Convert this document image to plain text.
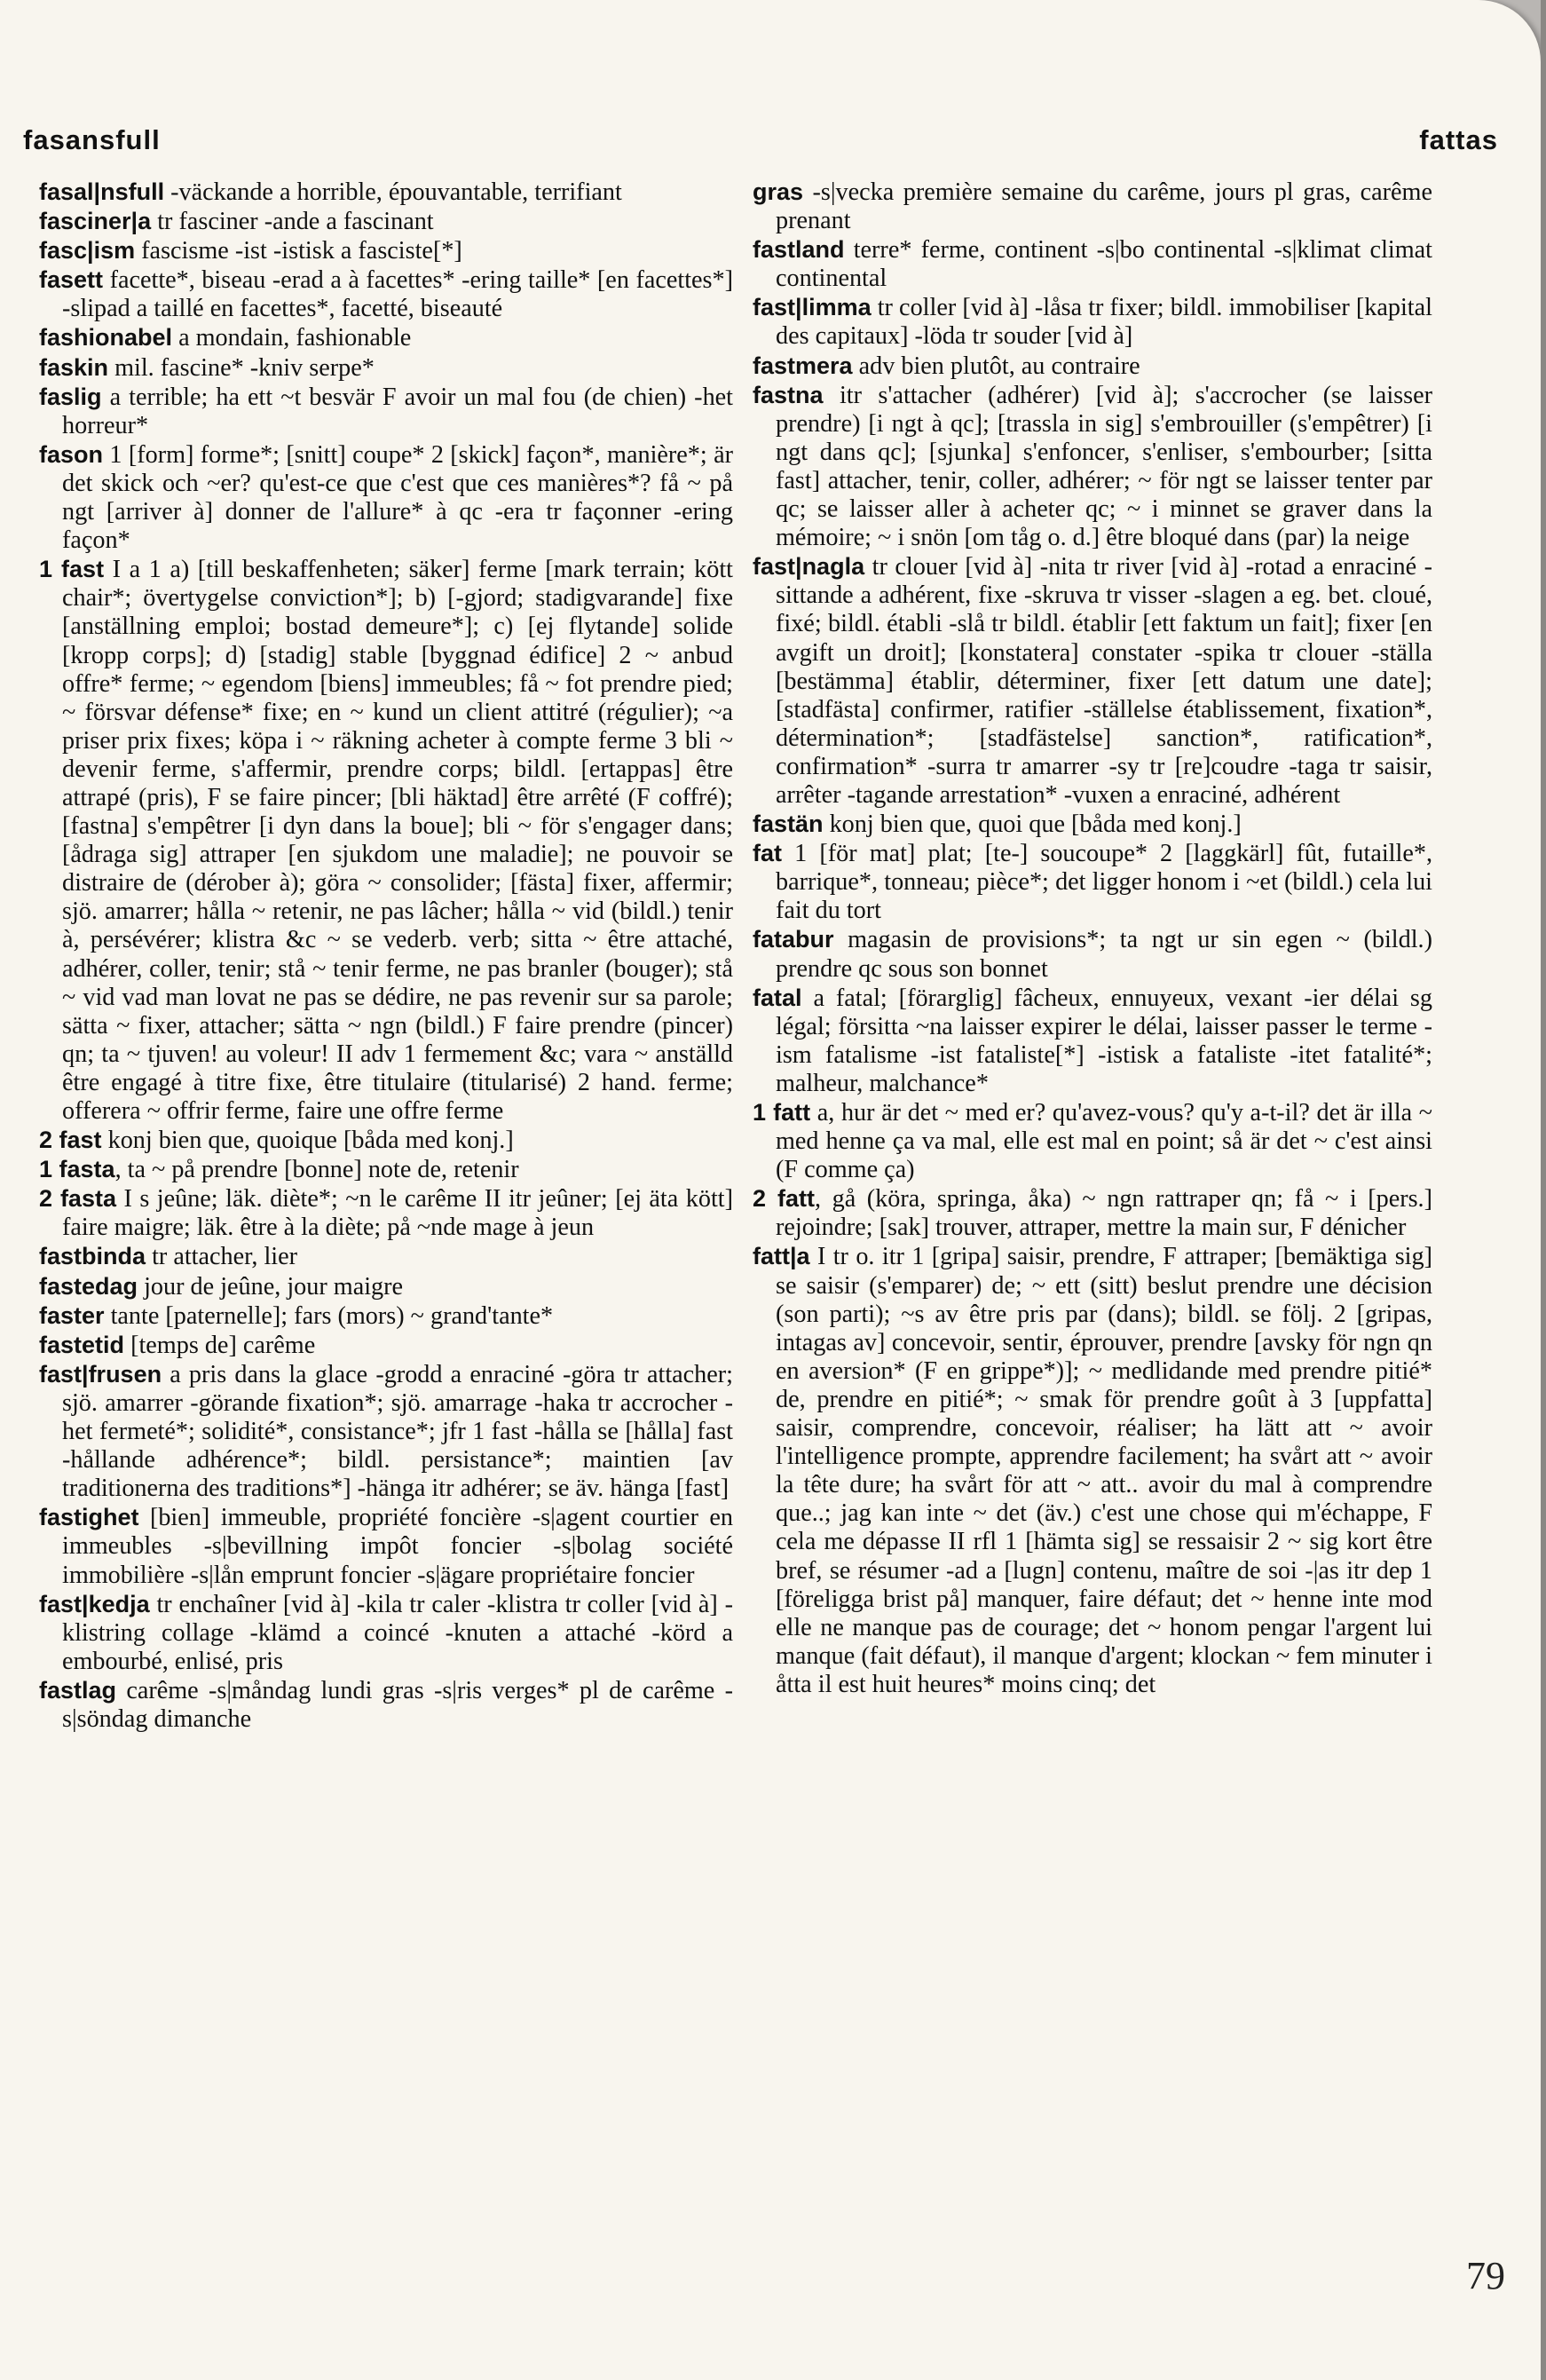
fasansfull	fattas

fasal|nsfull -väckande a horrible, épouvantable, terrifiant

fasciner|a tr fasciner -ande a fascinant

fasc|ism fascisme -ist -istisk a fasciste[*]

fasett facette*, biseau -erad a à facettes* -ering taille* [en facettes*] -slipad a taillé en facettes*, facetté, biseauté

fashionabel a mondain, fashionable

faskin mil. fascine* -kniv serpe*

faslig a terrible; ha ett ~t besvär F avoir un mal fou (de chien) -het horreur*

fason 1 [form] forme*; [snitt] coupe* 2 [skick] façon*, manière*; är det skick och ~er? qu'est-ce que c'est que ces manières*? få ~ på ngt [arriver à] donner de l'allure* à qc -era tr façonner -ering façon*

1 fast I a 1 a) [till beskaffenheten; säker] ferme [mark terrain; kött chair*; övertygelse conviction*]; b) [-gjord; stadigvarande] fixe [anställning emploi; bostad demeure*]; c) [ej flytande] solide [kropp corps]; d) [stadig] stable [byggnad édifice] 2 ~ anbud offre* ferme; ~ egendom [biens] immeubles; få ~ fot prendre pied; ~ försvar défense* fixe; en ~ kund un client attitré (régulier); ~a priser prix fixes; köpa i ~ räkning acheter à compte ferme 3 bli ~ devenir ferme, s'affermir, prendre corps; bildl. [ertappas] être attrapé (pris), F se faire pincer; [bli häktad] être arrêté (F coffré); [fastna] s'empêtrer [i dyn dans la boue]; bli ~ för s'engager dans; [ådraga sig] attraper [en sjukdom une maladie]; ne pouvoir se distraire de (dérober à); göra ~ consolider; [fästa] fixer, affermir; sjö. amarrer; hålla ~ retenir, ne pas lâcher; hålla ~ vid (bildl.) tenir à, persévérer; klistra &c ~ se vederb. verb; sitta ~ être attaché, adhérer, coller, tenir; stå ~ tenir ferme, ne pas branler (bouger); stå ~ vid vad man lovat ne pas se dédire, ne pas revenir sur sa parole; sätta ~ fixer, attacher; sätta ~ ngn (bildl.) F faire prendre (pincer) qn; ta ~ tjuven! au voleur! II adv 1 fermement &c; vara ~ anställd être engagé à titre fixe, être titulaire (titularisé) 2 hand. ferme; offerera ~ offrir ferme, faire une offre ferme

2 fast konj bien que, quoique [båda med konj.]

1 fasta, ta ~ på prendre [bonne] note de, retenir

2 fasta I s jeûne; läk. diète*; ~n le carême II itr jeûner; [ej äta kött] faire maigre; läk. être à la diète; på ~nde mage à jeun

fastbinda tr attacher, lier

fastedag jour de jeûne, jour maigre

faster tante [paternelle]; fars (mors) ~ grand'tante*

fastetid [temps de] carême

fast|frusen a pris dans la glace -grodd a enraciné -göra tr attacher; sjö. amarrer -görande fixation*; sjö. amarrage -haka tr accrocher -het fermeté*; solidité*, consistance*; jfr 1 fast -hålla se [hålla] fast -hållande adhérence*; bildl. persistance*; maintien [av traditionerna des traditions*] -hänga itr adhérer; se äv. hänga [fast]

fastighet [bien] immeuble, propriété foncière -s|agent courtier en immeubles -s|bevillning impôt foncier -s|bolag société immobilière -s|lån emprunt foncier -s|ägare propriétaire foncier

fast|kedja tr enchaîner [vid à] -kila tr caler -klistra tr coller [vid à] -klistring collage -klämd a coincé -knuten a attaché -körd a embourbé, enlisé, pris

fastlag carême -s|måndag lundi gras -s|ris verges* pl de carême -s|söndag dimanche

gras -s|vecka première semaine du carême, jours pl gras, carême prenant

fastland terre* ferme, continent -s|bo continental -s|klimat climat continental

fast|limma tr coller [vid à] -låsa tr fixer; bildl. immobiliser [kapital des capitaux] -löda tr souder [vid à]

fastmera adv bien plutôt, au contraire

fastna itr s'attacher (adhérer) [vid à]; s'accrocher (se laisser prendre) [i ngt à qc]; [trassla in sig] s'embrouiller (s'empêtrer) [i ngt dans qc]; [sjunka] s'enfoncer, s'enliser, s'embourber; [sitta fast] attacher, tenir, coller, adhérer; ~ för ngt se laisser tenter par qc; se laisser aller à acheter qc; ~ i minnet se graver dans la mémoire; ~ i snön [om tåg o. d.] être bloqué dans (par) la neige

fast|nagla tr clouer [vid à] -nita tr river [vid à] -rotad a enraciné -sittande a adhérent, fixe -skruva tr visser -slagen a eg. bet. cloué, fixé; bildl. établi -slå tr bildl. établir [ett faktum un fait]; fixer [en avgift un droit]; [konstatera] constater -spika tr clouer -ställa [bestämma] établir, déterminer, fixer [ett datum une date]; [stadfästa] confirmer, ratifier -ställelse établissement, fixation*, détermination*; [stadfästelse] sanction*, ratification*, confirmation* -surra tr amarrer -sy tr [re]coudre -taga tr saisir, arrêter -tagande arrestation* -vuxen a enraciné, adhérent

fastän konj bien que, quoi que [båda med konj.]

fat 1 [för mat] plat; [te-] soucoupe* 2 [laggkärl] fût, futaille*, barrique*, tonneau; pièce*; det ligger honom i ~et (bildl.) cela lui fait du tort

fatabur magasin de provisions*; ta ngt ur sin egen ~ (bildl.) prendre qc sous son bonnet

fatal a fatal; [förarglig] fâcheux, ennuyeux, vexant -ier délai sg légal; försitta ~na laisser expirer le délai, laisser passer le terme -ism fatalisme -ist fataliste[*] -istisk a fataliste -itet fatalité*; malheur, malchance*

1 fatt a, hur är det ~ med er? qu'avez-vous? qu'y a-t-il? det är illa ~ med henne ça va mal, elle est mal en point; så är det ~ c'est ainsi (F comme ça)

2 fatt, gå (köra, springa, åka) ~ ngn rattraper qn; få ~ i [pers.] rejoindre; [sak] trouver, attraper, mettre la main sur, F dénicher

fatt|a I tr o. itr 1 [gripa] saisir, prendre, F attraper; [bemäktiga sig] se saisir (s'emparer) de; ~ ett (sitt) beslut prendre une décision (son parti); ~s av être pris par (dans); bildl. se följ. 2 [gripas, intagas av] concevoir, sentir, éprouver, prendre [avsky för ngn qn en aversion* (F en grippe*)]; ~ medlidande med prendre pitié* de, prendre en pitié*; ~ smak för prendre goût à 3 [uppfatta] saisir, comprendre, concevoir, réaliser; ha lätt att ~ avoir l'intelligence prompte, apprendre facilement; ha svårt att ~ avoir la tête dure; ha svårt för att ~ att.. avoir du mal à comprendre que..; jag kan inte ~ det (äv.) c'est une chose qui m'échappe, F cela me dépasse II rfl 1 [hämta sig] se ressaisir 2 ~ sig kort être bref, se résumer -ad a [lugn] contenu, maître de soi -|as itr dep 1 [föreligga brist på] manquer, faire défaut; det ~ henne inte mod elle ne manque pas de courage; det ~ honom pengar l'argent lui manque (fait défaut), il manque d'argent; klockan ~ fem minuter i åtta il est huit heures* moins cinq; det

79
